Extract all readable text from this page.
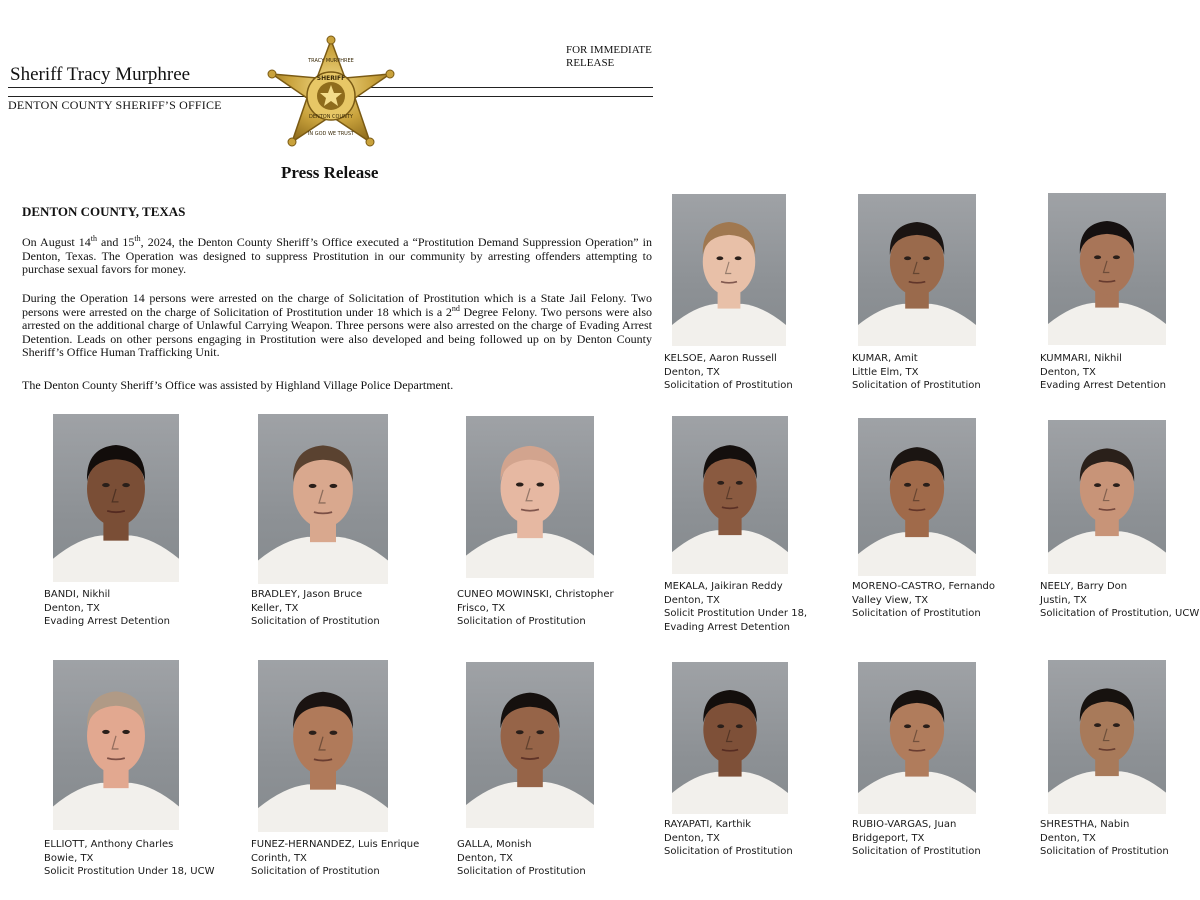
Sheriff Tracy Murphree
DENTON COUNTY SHERIFF’S OFFICE
FOR IMMEDIATE
RELEASE
TRACY MURPHREE
SHERIFF
DENTON COUNTY
IN GOD WE TRUST
Press Release
DENTON COUNTY, TEXAS
On August 14th and 15th, 2024, the Denton County Sheriff’s Office executed a “Prostitution Demand Suppression Operation” in Denton, Texas. The Operation was designed to suppress Prostitution in our community by arresting offenders attempting to purchase sexual favors for money.
During the Operation 14 persons were arrested on the charge of Solicitation of Prostitution which is a State Jail Felony. Two persons were arrested on the charge of Solicitation of Prostitution under 18 which is a 2nd Degree Felony. Two persons were also arrested on the additional charge of Unlawful Carrying Weapon. Three persons were also arrested on the charge of Evading Arrest Detention. Leads on other persons engaging in Prostitution were also developed and being followed up on by Denton County Sheriff’s Office Human Trafficking Unit.
The Denton County Sheriff’s Office was assisted by Highland Village Police Department.
KELSOE, Aaron Russell
Denton, TX
Solicitation of Prostitution
KUMAR, Amit
Little Elm, TX
Solicitation of Prostitution
KUMMARI, Nikhil
Denton, TX
Evading Arrest Detention
BANDI, Nikhil
Denton, TX
Evading Arrest Detention
BRADLEY, Jason Bruce
Keller, TX
Solicitation of Prostitution
CUNEO MOWINSKI, Christopher
Frisco, TX
Solicitation of Prostitution
MEKALA, Jaikiran Reddy
Denton, TX
Solicit Prostitution Under 18,
Evading Arrest Detention
MORENO-CASTRO, Fernando
Valley View, TX
Solicitation of Prostitution
NEELY, Barry Don
Justin, TX
Solicitation of Prostitution, UCW
ELLIOTT, Anthony Charles
Bowie, TX
Solicit Prostitution Under 18, UCW
FUNEZ-HERNANDEZ, Luis Enrique
Corinth, TX
Solicitation of Prostitution
GALLA, Monish
Denton, TX
Solicitation of Prostitution
RAYAPATI, Karthik
Denton, TX
Solicitation of Prostitution
RUBIO-VARGAS, Juan
Bridgeport, TX
Solicitation of Prostitution
SHRESTHA, Nabin
Denton, TX
Solicitation of Prostitution
